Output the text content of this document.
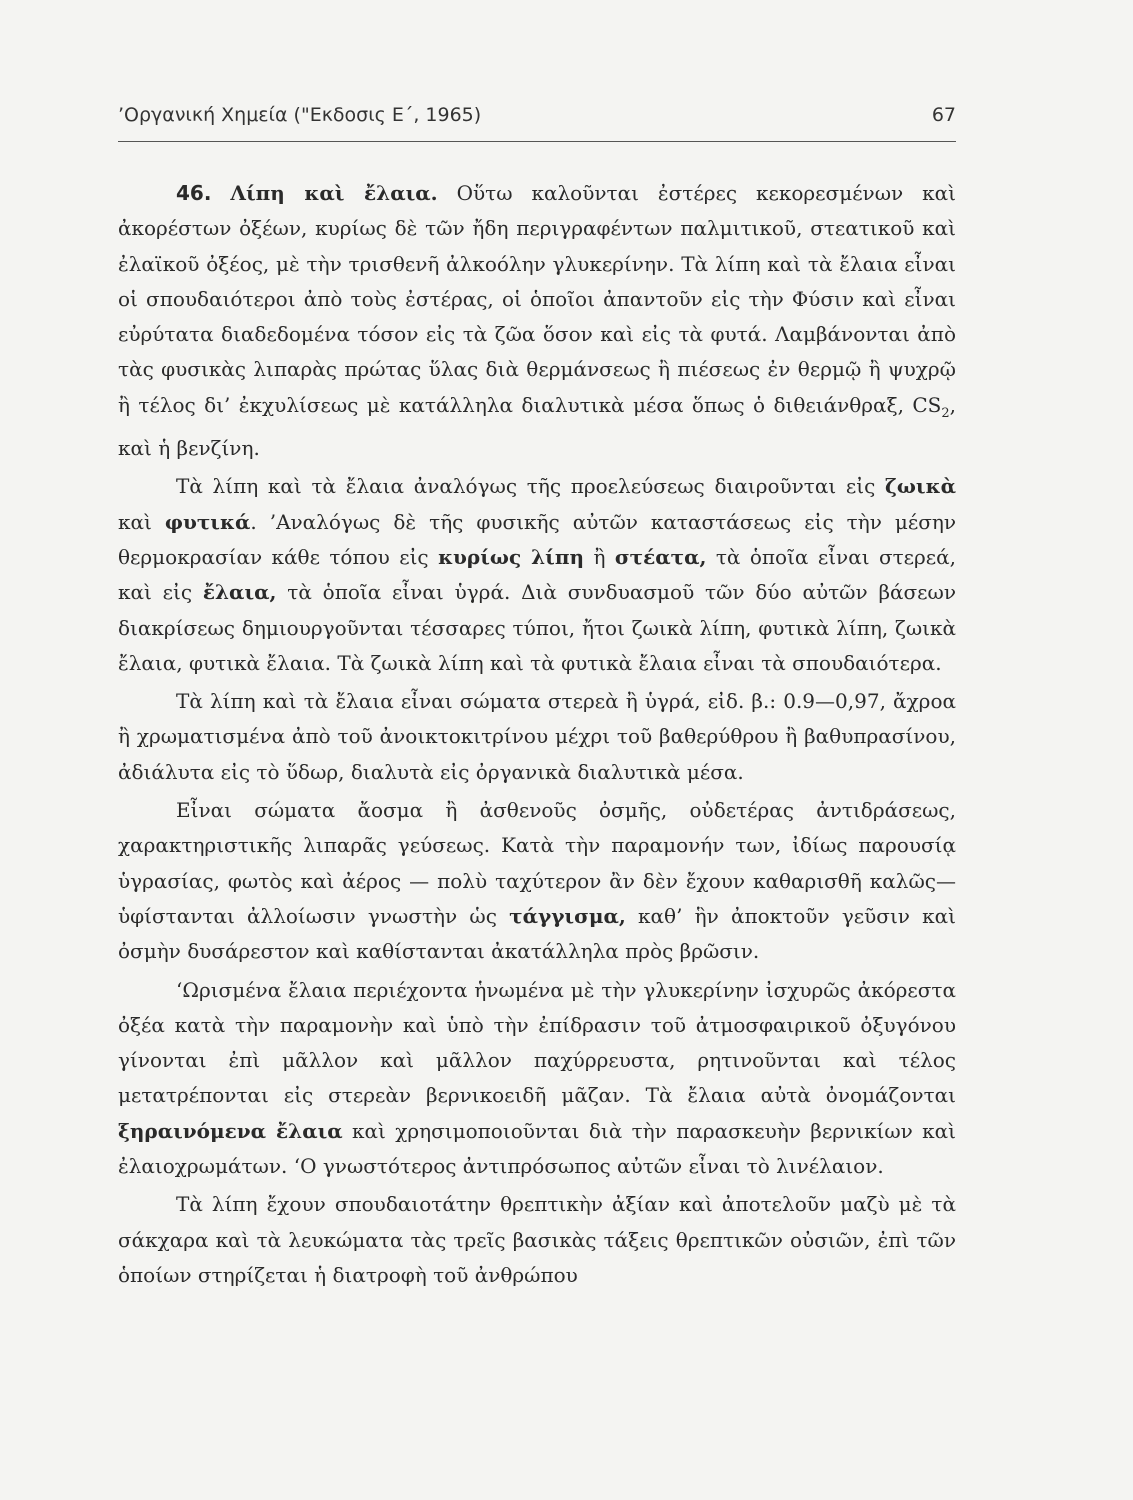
’Οργανική Χημεία ("Εκδοσις Ε΄, 1965)	67

46. Λίπη καὶ ἔλαια. Οὕτω καλοῦνται ἐστέρες κεκορεσμένων καὶ ἀκορέστων ὀξέων, κυρίως δὲ τῶν ἤδη περιγραφέντων παλμιτικοῦ, στεατικοῦ καὶ ἐλαϊκοῦ ὀξέος, μὲ τὴν τρισθενῆ ἀλκοόλην γλυκερίνην. Τὰ λίπη καὶ τὰ ἔλαια εἶναι οἱ σπουδαιότεροι ἀπὸ τοὺς ἐστέρας, οἱ ὁποῖοι ἀπαντοῦν εἰς τὴν Φύσιν καὶ εἶναι εὐρύτατα διαδεδομένα τόσον εἰς τὰ ζῶα ὅσον καὶ εἰς τὰ φυτά. Λαμβάνονται ἀπὸ τὰς φυσικὰς λιπαρὰς πρώτας ὕλας διὰ θερμάνσεως ἢ πιέσεως ἐν θερμῷ ἢ ψυχρῷ ἢ τέλος δι’ ἐκχυλίσεως μὲ κατάλληλα διαλυτικὰ μέσα ὅπως ὁ διθειάνθραξ, $CS_2$, καὶ ἡ βενζίνη.

Τὰ λίπη καὶ τὰ ἔλαια ἀναλόγως τῆς προελεύσεως διαιροῦνται εἰς ζωικὰ καὶ φυτικά. ’Αναλόγως δὲ τῆς φυσικῆς αὐτῶν καταστάσεως εἰς τὴν μέσην θερμοκρασίαν κάθε τόπου εἰς κυρίως λίπη ἢ στέατα, τὰ ὁποῖα εἶναι στερεά, καὶ εἰς ἔλαια, τὰ ὁποῖα εἶναι ὑγρά. Διὰ συνδυασμοῦ τῶν δύο αὐτῶν βάσεων διακρίσεως δημιουργοῦνται τέσσαρες τύποι, ἤτοι ζωικὰ λίπη, φυτικὰ λίπη, ζωικὰ ἔλαια, φυτικὰ ἔλαια. Τὰ ζωικὰ λίπη καὶ τὰ φυτικὰ ἔλαια εἶναι τὰ σπουδαιότερα.

Τὰ λίπη καὶ τὰ ἔλαια εἶναι σώματα στερεὰ ἢ ὑγρά, εἰδ. β.: 0.9—0,97, ἄχροα ἢ χρωματισμένα ἀπὸ τοῦ ἀνοικτοκιτρίνου μέχρι τοῦ βαθερύθρου ἢ βαθυπρασίνου, ἀδιάλυτα εἰς τὸ ὕδωρ, διαλυτὰ εἰς ὀργανικὰ διαλυτικὰ μέσα.

Εἶναι σώματα ἄοσμα ἢ ἀσθενοῦς ὀσμῆς, οὐδετέρας ἀντιδράσεως, χαρακτηριστικῆς λιπαρᾶς γεύσεως. Κατὰ τὴν παραμονήν των, ἰδίως παρουσίᾳ ὑγρασίας, φωτὸς καὶ ἀέρος — πολὺ ταχύτερον ἂν δὲν ἔχουν καθαρισθῆ καλῶς— ὑφίστανται ἀλλοίωσιν γνωστὴν ὡς τάγγισμα, καθ’ ἣν ἀποκτοῦν γεῦσιν καὶ ὀσμὴν δυσάρεστον καὶ καθίστανται ἀκατάλληλα πρὸς βρῶσιν.

‘Ωρισμένα ἔλαια περιέχοντα ἡνωμένα μὲ τὴν γλυκερίνην ἰσχυρῶς ἀκόρεστα ὀξέα κατὰ τὴν παραμονὴν καὶ ὑπὸ τὴν ἐπίδρασιν τοῦ ἀτμοσφαιρικοῦ ὀξυγόνου γίνονται ἐπὶ μᾶλλον καὶ μᾶλλον παχύρρευστα, ρητινοῦνται καὶ τέλος μετατρέπονται εἰς στερεὰν βερνικοειδῆ μᾶζαν. Τὰ ἔλαια αὐτὰ ὀνομάζονται ξηραινόμενα ἔλαια καὶ χρησιμοποιοῦνται διὰ τὴν παρασκευὴν βερνικίων καὶ ἐλαιοχρωμάτων. ‘Ο γνωστότερος ἀντιπρόσωπος αὐτῶν εἶναι τὸ λινέλαιον.

Τὰ λίπη ἔχουν σπουδαιοτάτην θρεπτικὴν ἀξίαν καὶ ἀποτελοῦν μαζὺ μὲ τὰ σάκχαρα καὶ τὰ λευκώματα τὰς τρεῖς βασικὰς τάξεις θρεπτικῶν οὐσιῶν, ἐπὶ τῶν ὁποίων στηρίζεται ἡ διατροφὴ τοῦ ἀνθρώπου
